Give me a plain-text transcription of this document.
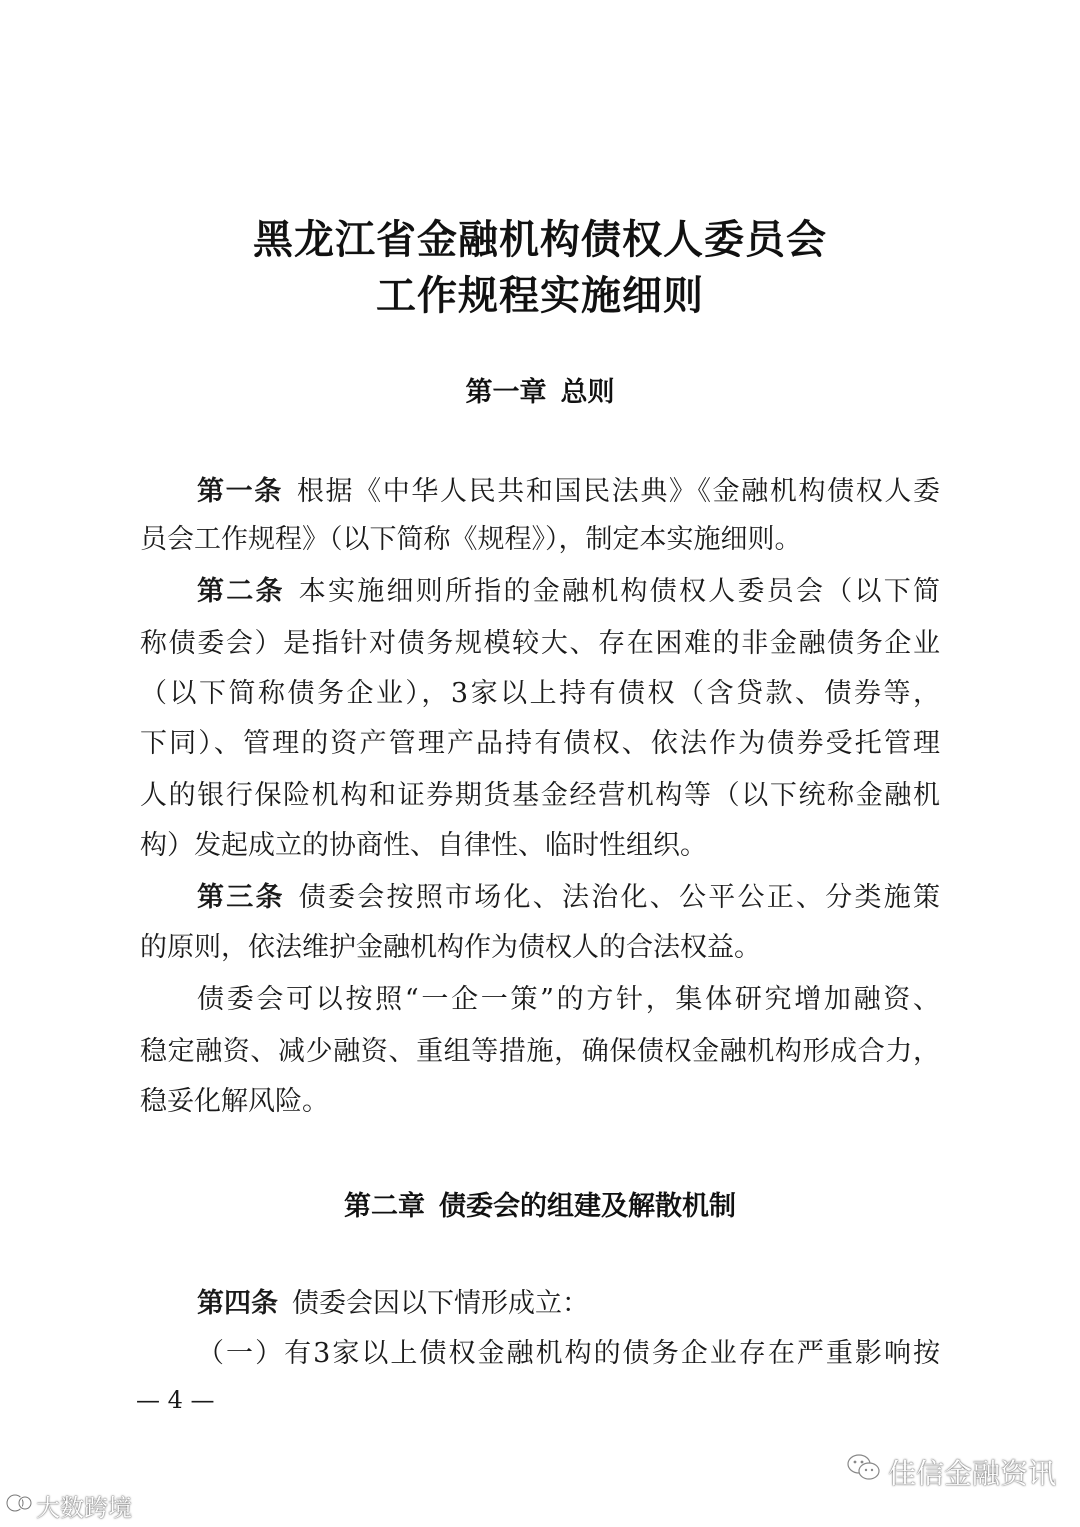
黑龙江省金融机构债权人委员会
工作规程实施细则
第一章 总则
第一条 根据《中华人民共和国民法典》《金融机构债权人委
员会工作规程》（以下简称《规程》），制定本实施细则。
第二条 本实施细则所指的金融机构债权人委员会（以下简
称债委会）是指针对债务规模较大、存在困难的非金融债务企业
（以下简称债务企业），3家以上持有债权（含贷款、债券等，
下同）、管理的资产管理产品持有债权、依法作为债券受托管理
人的银行保险机构和证券期货基金经营机构等（以下统称金融机
构）发起成立的协商性、自律性、临时性组织。
第三条 债委会按照市场化、法治化、公平公正、分类施策
的原则，依法维护金融机构作为债权人的合法权益。
债委会可以按照“一企一策”的方针，集体研究增加融资、
稳定融资、减少融资、重组等措施，确保债权金融机构形成合力，
稳妥化解风险。
第二章 债委会的组建及解散机制
第四条 债委会因以下情形成立：
（一）有3家以上债权金融机构的债务企业存在严重影响按
— 4 —
大数跨境
佳信金融资讯
